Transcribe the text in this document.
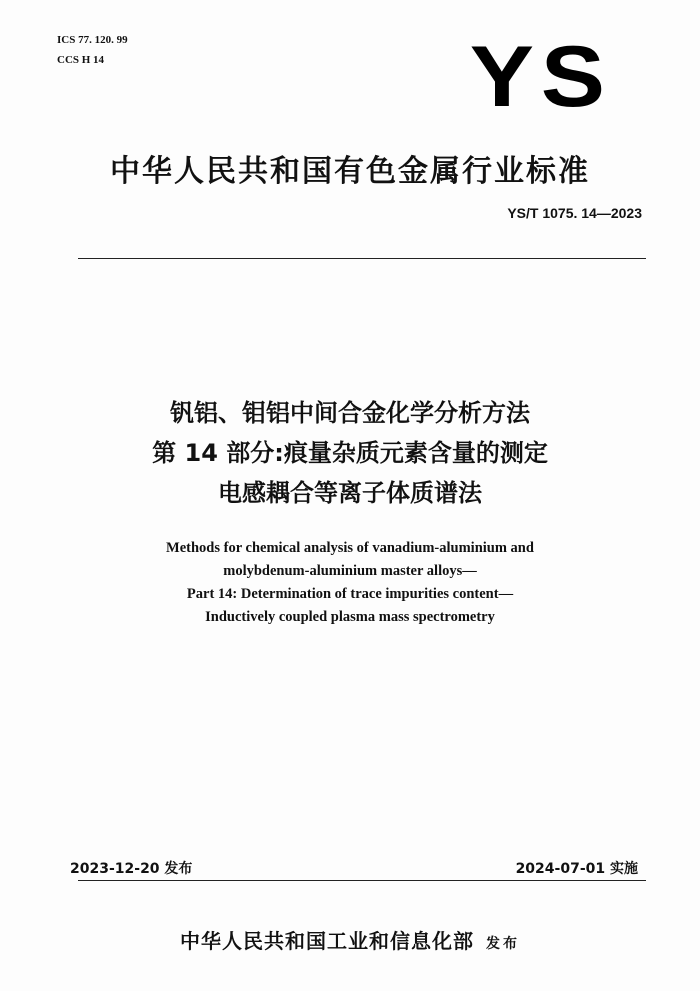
ICS 77. 120. 99
CCS H 14	YS
中华人民共和国有色金属行业标准
YS/T 1075. 14—2023
钒铝、钼铝中间合金化学分析方法
第 14 部分:痕量杂质元素含量的测定
电感耦合等离子体质谱法
Methods for chemical analysis of vanadium-aluminium and
molybdenum-aluminium master alloys—
Part 14: Determination of trace impurities content—
Inductively coupled plasma mass spectrometry
2023-12-20 发布	2024-07-01 实施
中华人民共和国工业和信息化部 发布
